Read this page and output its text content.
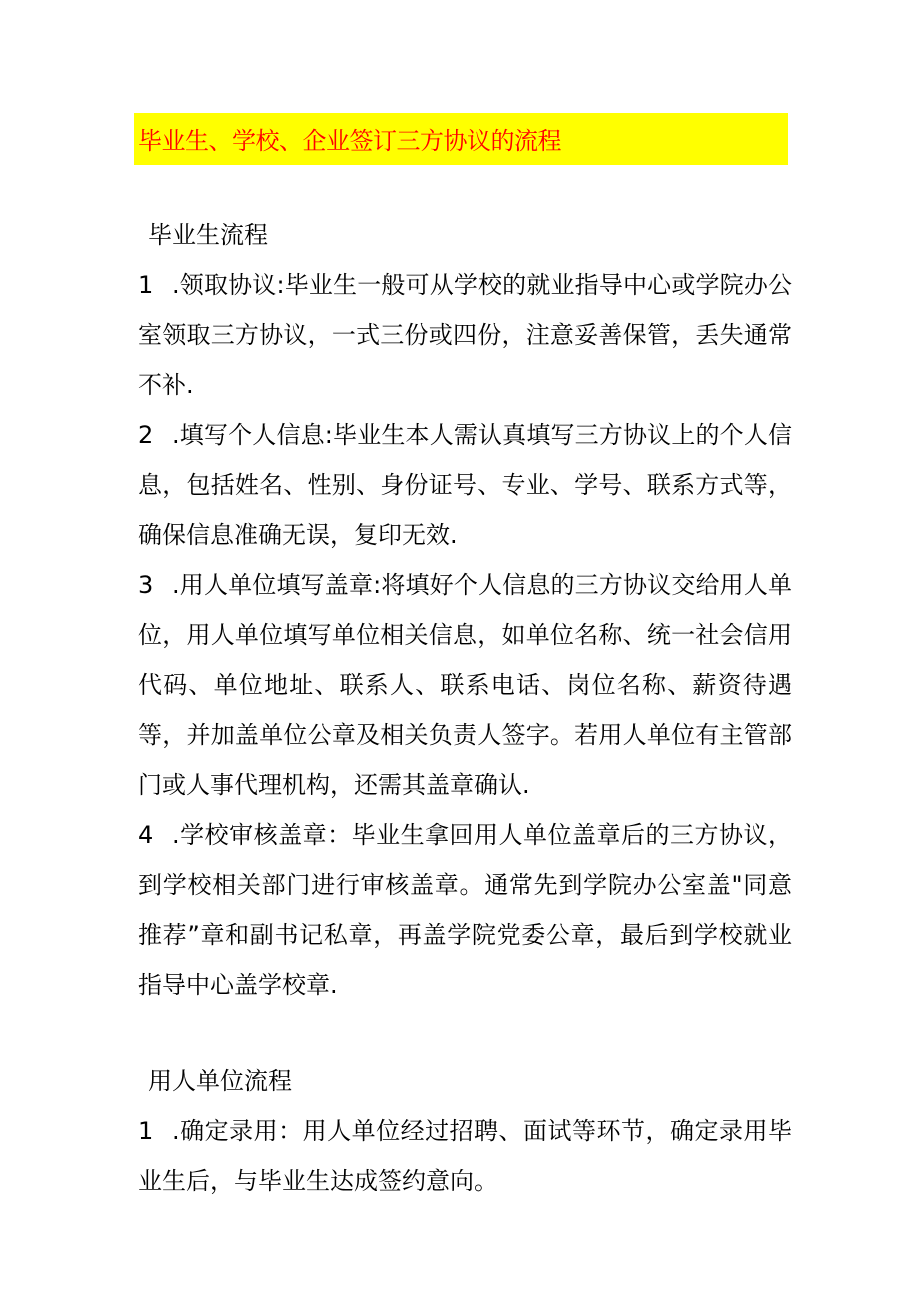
毕业生、学校、企业签订三方协议的流程
毕业生流程

1 .领取协议:毕业生一般可从学校的就业指导中心或学院办公室领取三方协议，一式三份或四份，注意妥善保管，丢失通常不补.

2 .填写个人信息:毕业生本人需认真填写三方协议上的个人信息，包括姓名、性别、身份证号、专业、学号、联系方式等，确保信息准确无误，复印无效.

3 .用人单位填写盖章:将填好个人信息的三方协议交给用人单位，用人单位填写单位相关信息，如单位名称、统一社会信用代码、单位地址、联系人、联系电话、岗位名称、薪资待遇等，并加盖单位公章及相关负责人签字。若用人单位有主管部门或人事代理机构，还需其盖章确认.

4 .学校审核盖章：毕业生拿回用人单位盖章后的三方协议，到学校相关部门进行审核盖章。通常先到学院办公室盖"同意推荐”章和副书记私章，再盖学院党委公章，最后到学校就业指导中心盖学校章.

用人单位流程

1 .确定录用：用人单位经过招聘、面试等环节，确定录用毕业生后，与毕业生达成签约意向。
